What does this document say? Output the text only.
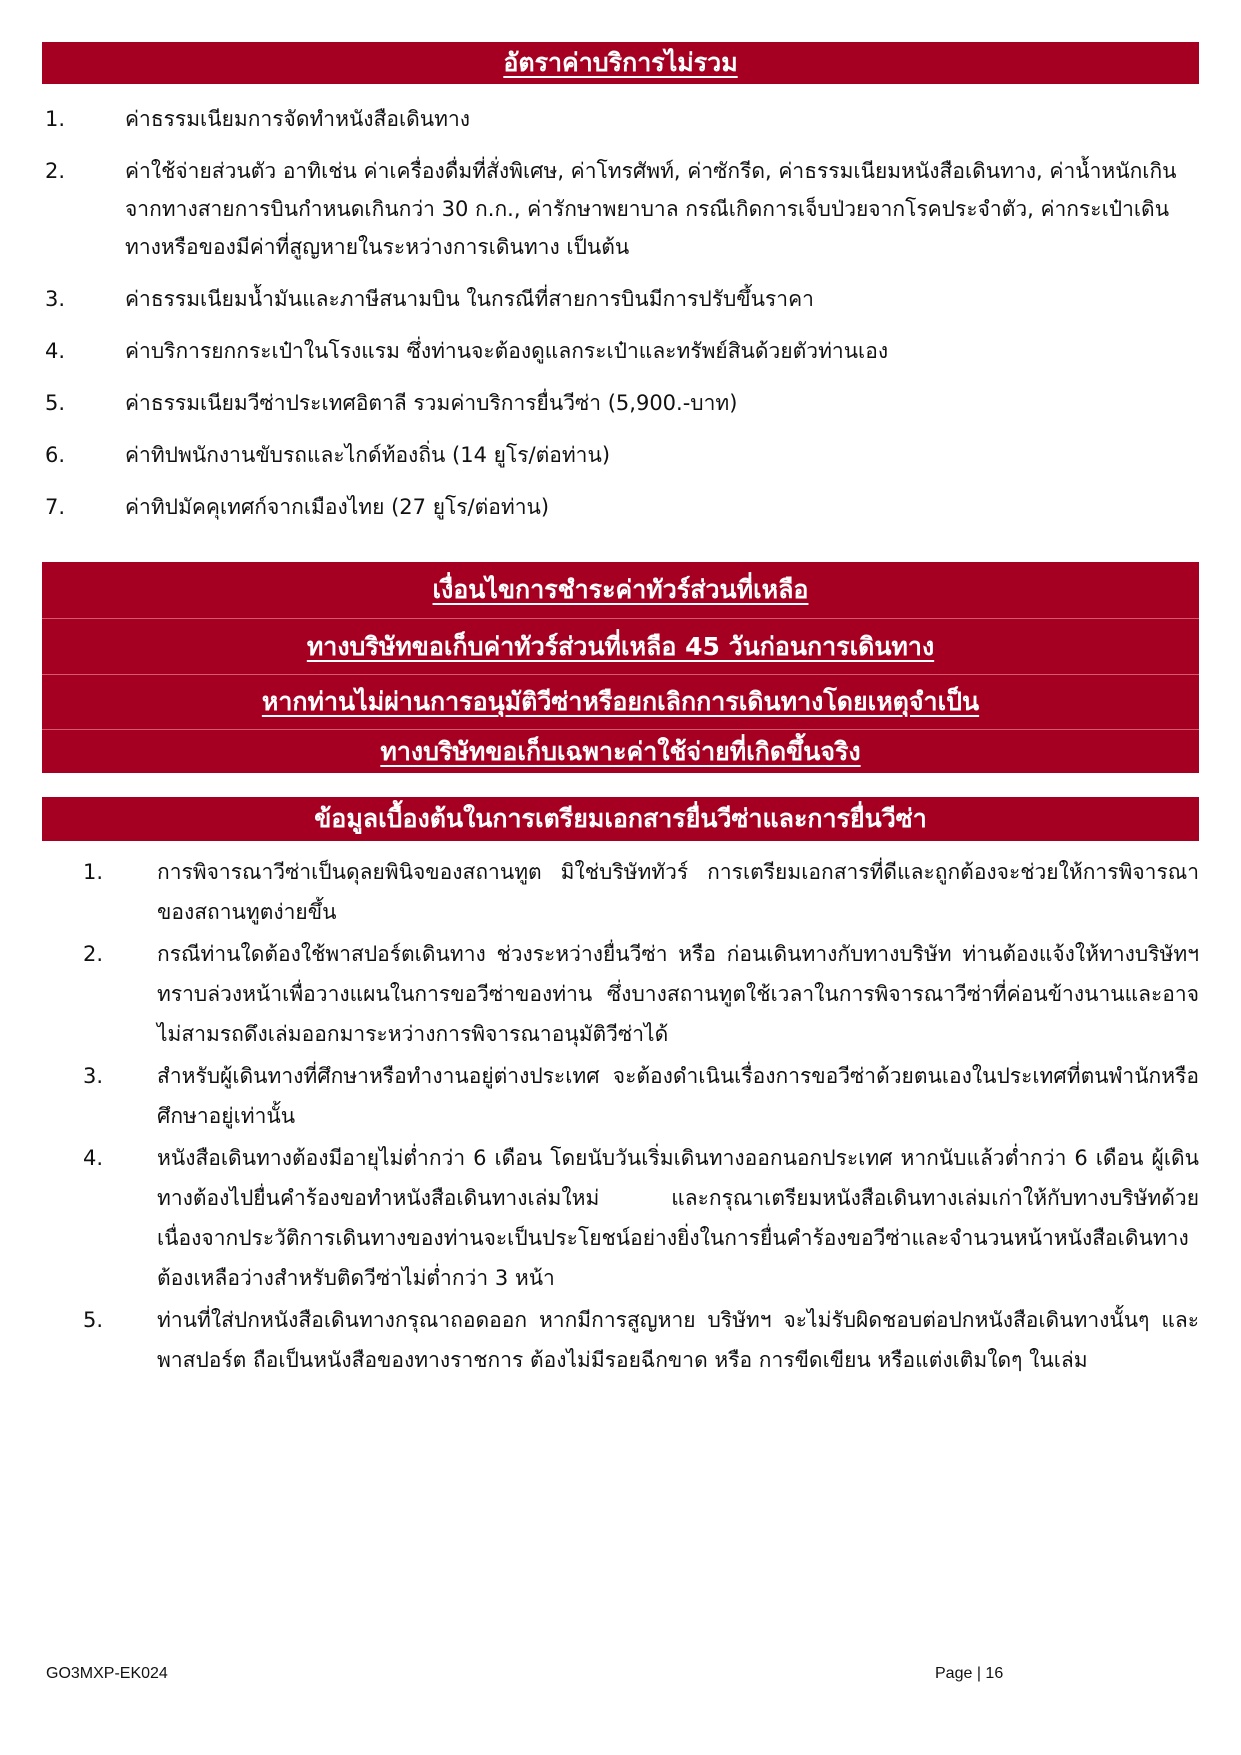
อัตราค่าบริการไม่รวม
1.	ค่าธรรมเนียมการจัดทำหนังสือเดินทาง
2.	ค่าใช้จ่ายส่วนตัว อาทิเช่น ค่าเครื่องดื่มที่สั่งพิเศษ, ค่าโทรศัพท์, ค่าซักรีด, ค่าธรรมเนียมหนังสือเดินทาง, ค่าน้ำหนักเกินจากทางสายการบินกำหนดเกินกว่า 30 ก.ก., ค่ารักษาพยาบาล กรณีเกิดการเจ็บป่วยจากโรคประจำตัว, ค่ากระเป๋าเดินทางหรือของมีค่าที่สูญหายในระหว่างการเดินทาง เป็นต้น
3.	ค่าธรรมเนียมน้ำมันและภาษีสนามบิน ในกรณีที่สายการบินมีการปรับขึ้นราคา
4.	ค่าบริการยกกระเป๋าในโรงแรม ซึ่งท่านจะต้องดูแลกระเป๋าและทรัพย์สินด้วยตัวท่านเอง
5.	ค่าธรรมเนียมวีซ่าประเทศอิตาลี รวมค่าบริการยื่นวีซ่า (5,900.-บาท)
6.	ค่าทิปพนักงานขับรถและไกด์ท้องถิ่น (14 ยูโร/ต่อท่าน)
7.	ค่าทิปมัคคุเทศก์จากเมืองไทย (27 ยูโร/ต่อท่าน)
เงื่อนไขการชำระค่าทัวร์ส่วนที่เหลือ
ทางบริษัทขอเก็บค่าทัวร์ส่วนที่เหลือ 45 วันก่อนการเดินทาง
หากท่านไม่ผ่านการอนุมัติวีซ่าหรือยกเลิกการเดินทางโดยเหตุจำเป็น
ทางบริษัทขอเก็บเฉพาะค่าใช้จ่ายที่เกิดขึ้นจริง
ข้อมูลเบื้องต้นในการเตรียมเอกสารยื่นวีซ่าและการยื่นวีซ่า
1.	การพิจารณาวีซ่าเป็นดุลยพินิจของสถานทูต มิใช่บริษัททัวร์ การเตรียมเอกสารที่ดีและถูกต้องจะช่วยให้การพิจารณา ของสถานทูตง่ายขึ้น
2.	กรณีท่านใดต้องใช้พาสปอร์ตเดินทาง ช่วงระหว่างยื่นวีซ่า หรือ ก่อนเดินทางกับทางบริษัท ท่านต้องแจ้งให้ทางบริษัทฯ ทราบล่วงหน้าเพื่อวางแผนในการขอวีซ่าของท่าน ซึ่งบางสถานทูตใช้เวลาในการพิจารณาวีซ่าที่ค่อนข้างนานและอาจไม่สามรถดึงเล่มออกมาระหว่างการพิจารณาอนุมัติวีซ่าได้
3.	สำหรับผู้เดินทางที่ศึกษาหรือทำงานอยู่ต่างประเทศ จะต้องดำเนินเรื่องการขอวีซ่าด้วยตนเองในประเทศที่ตนพำนักหรือศึกษาอยู่เท่านั้น
4.	หนังสือเดินทางต้องมีอายุไม่ต่ำกว่า 6 เดือน โดยนับวันเริ่มเดินทางออกนอกประเทศ หากนับแล้วต่ำกว่า 6 เดือน ผู้เดินทางต้องไปยื่นคำร้องขอทำหนังสือเดินทางเล่มใหม่ และกรุณาเตรียมหนังสือเดินทางเล่มเก่าให้กับทางบริษัทด้วย เนื่องจากประวัติการเดินทางของท่านจะเป็นประโยชน์อย่างยิ่งในการยื่นคำร้องขอวีซ่าและจำนวนหน้าหนังสือเดินทาง ต้องเหลือว่างสำหรับติดวีซ่าไม่ต่ำกว่า 3 หน้า
5.	ท่านที่ใส่ปกหนังสือเดินทางกรุณาถอดออก หากมีการสูญหาย บริษัทฯ จะไม่รับผิดชอบต่อปกหนังสือเดินทางนั้นๆ และพาสปอร์ต ถือเป็นหนังสือของทางราชการ ต้องไม่มีรอยฉีกขาด หรือ การขีดเขียน หรือแต่งเติมใดๆ ในเล่ม
GO3MXP-EK024	Page | 16
